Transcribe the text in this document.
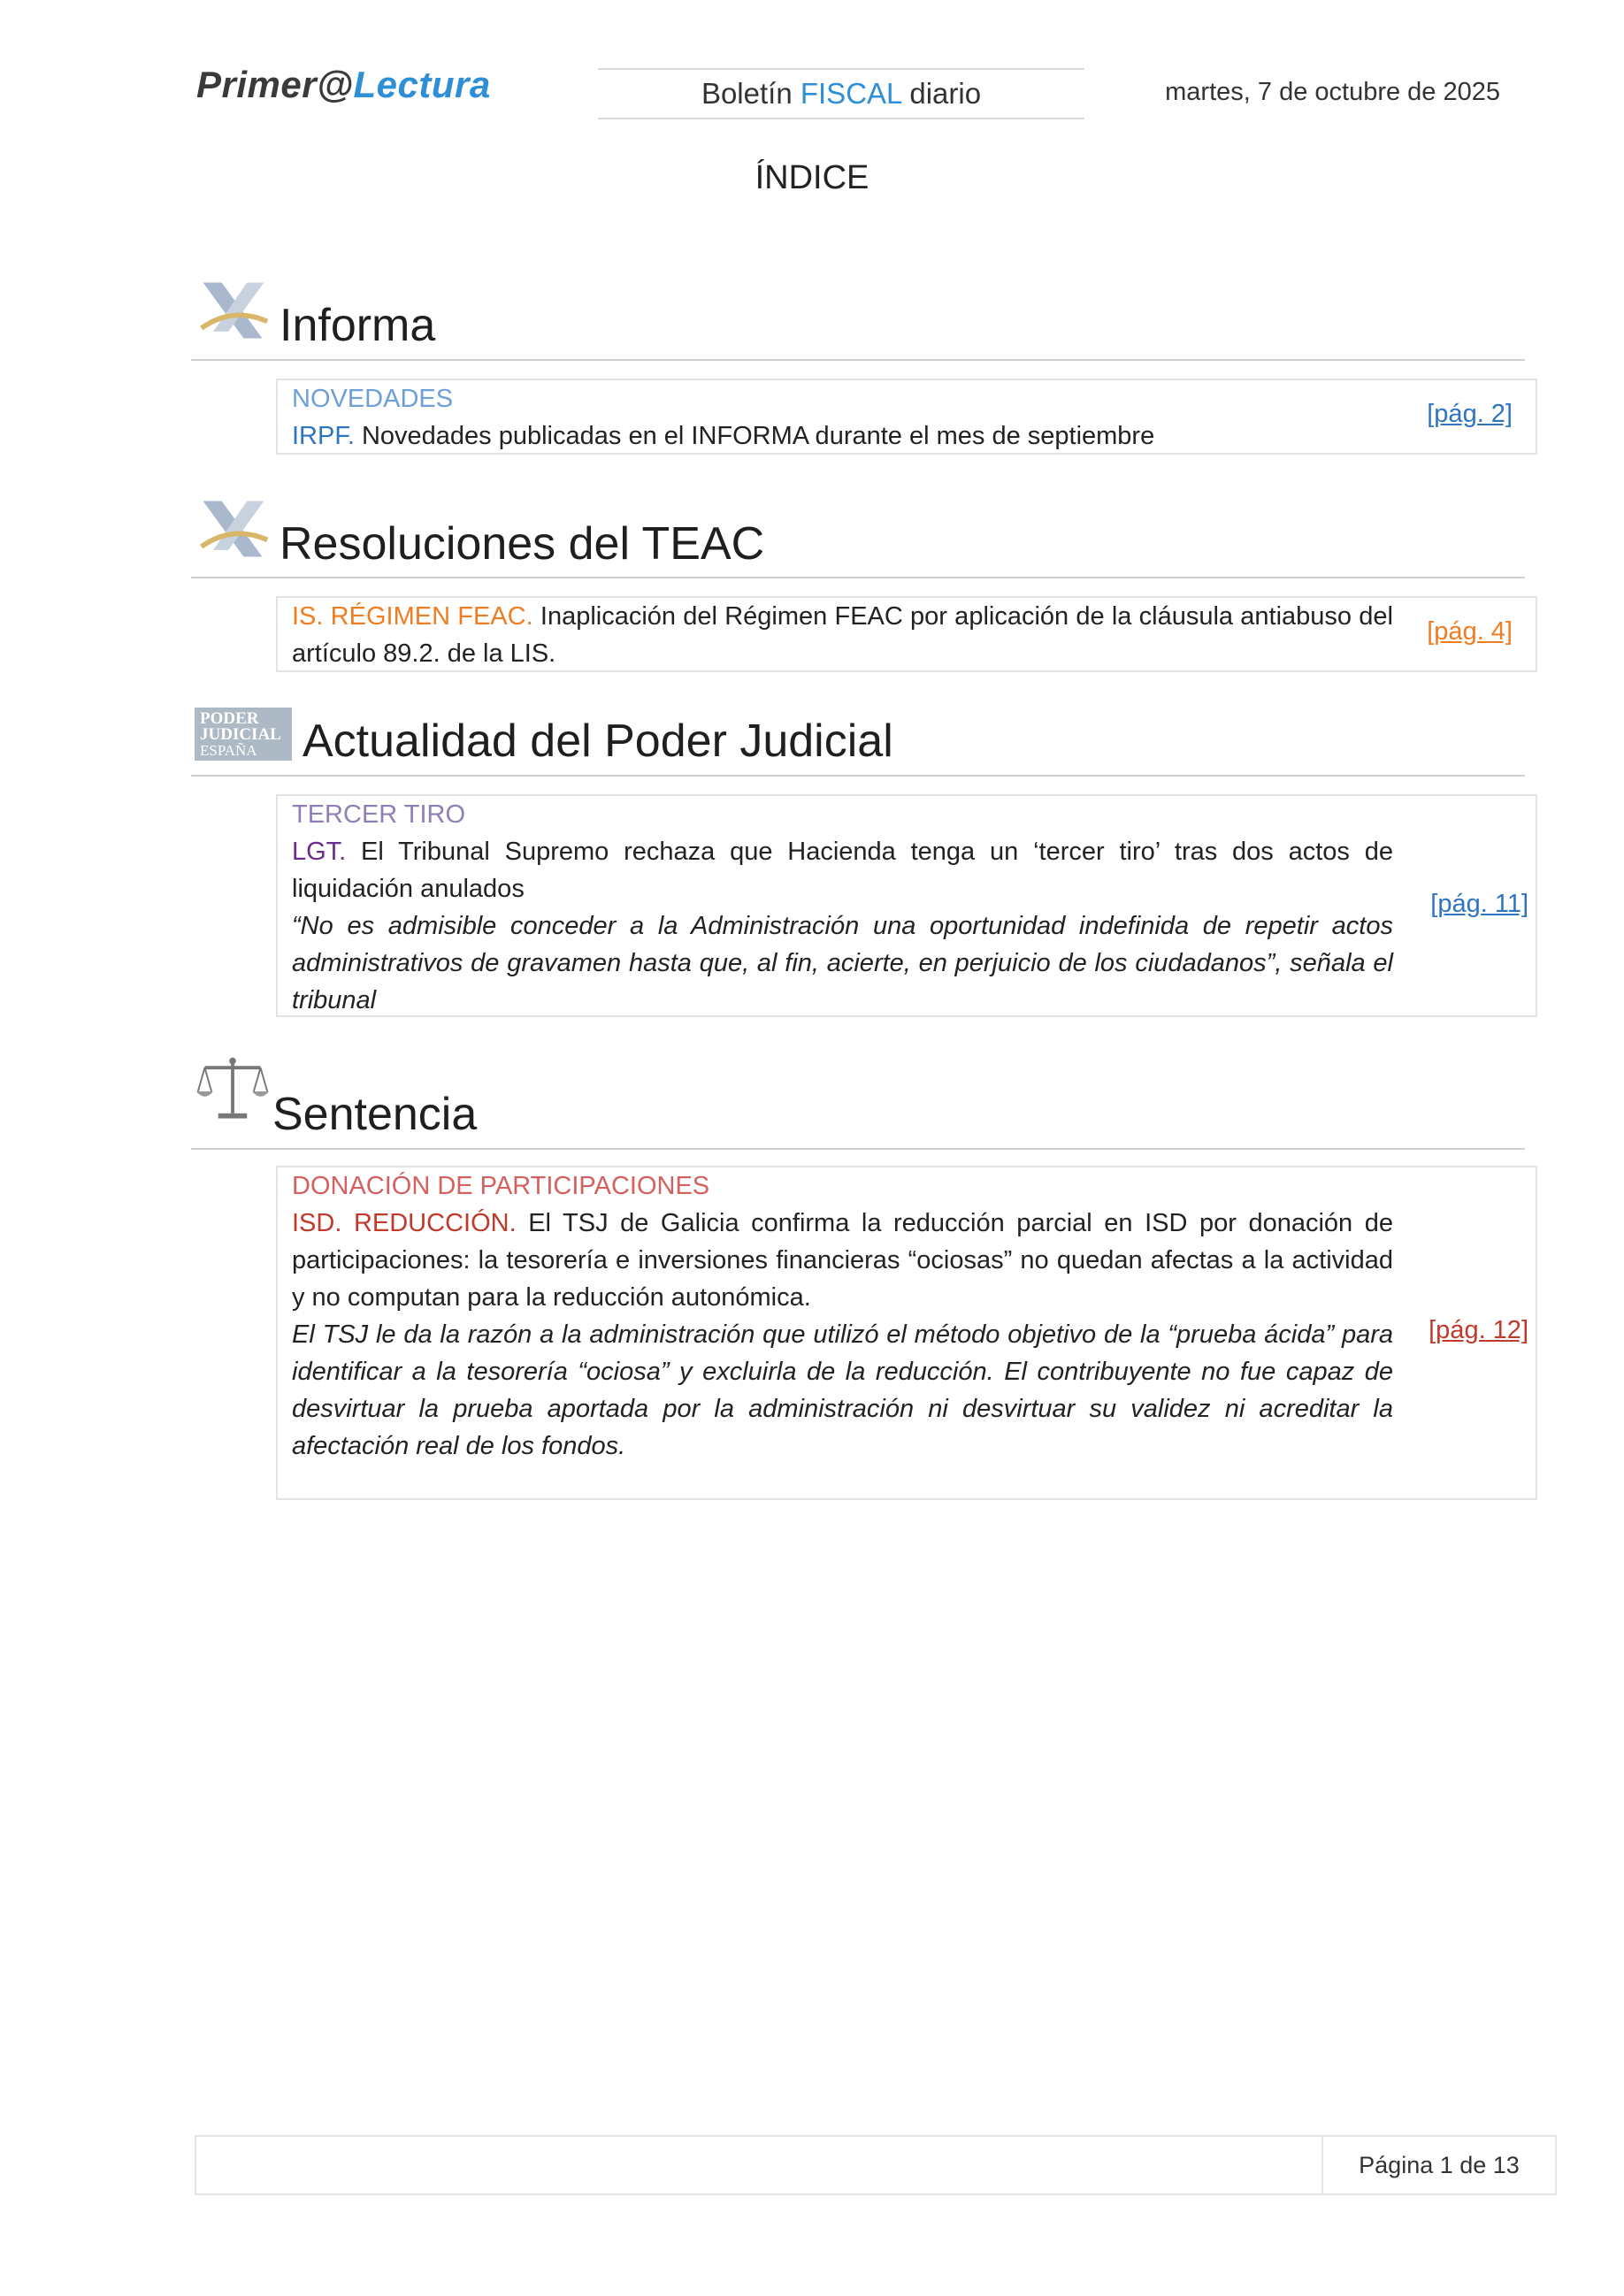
Primer@Lectura	Boletín FISCAL diario	martes, 7 de octubre de 2025
ÍNDICE
Informa
NOVEDADES

IRPF. Novedades publicadas en el INFORMA durante el mes de septiembre

[pág. 2]
Resoluciones del TEAC

IS. RÉGIMEN FEAC. Inaplicación del Régimen FEAC por aplicación de la cláusula antiabuso del artículo 89.2. de la LIS.

[pág. 4]
PODER
JUDICIAL
ESPAÑA Actualidad del Poder Judicial
TERCER TIRO

LGT. El Tribunal Supremo rechaza que Hacienda tenga un ‘tercer tiro’ tras dos actos de liquidación anulados

“No es admisible conceder a la Administración una oportunidad indefinida de repetir actos administrativos de gravamen hasta que, al fin, acierte, en perjuicio de los ciudadanos”, señala el tribunal

[pág. 11]
Sentencia
DONACIÓN DE PARTICIPACIONES

ISD. REDUCCIÓN. El TSJ de Galicia confirma la reducción parcial en ISD por donación de participaciones: la tesorería e inversiones financieras “ociosas” no quedan afectas a la actividad y no computan para la reducción autonómica.

El TSJ le da la razón a la administración que utilizó el método objetivo de la “prueba ácida” para identificar a la tesorería “ociosa” y excluirla de la reducción. El contribuyente no fue capaz de desvirtuar la prueba aportada por la administración ni desvirtuar su validez ni acreditar la afectación real de los fondos.

[pág. 12]
Página 1 de 13
